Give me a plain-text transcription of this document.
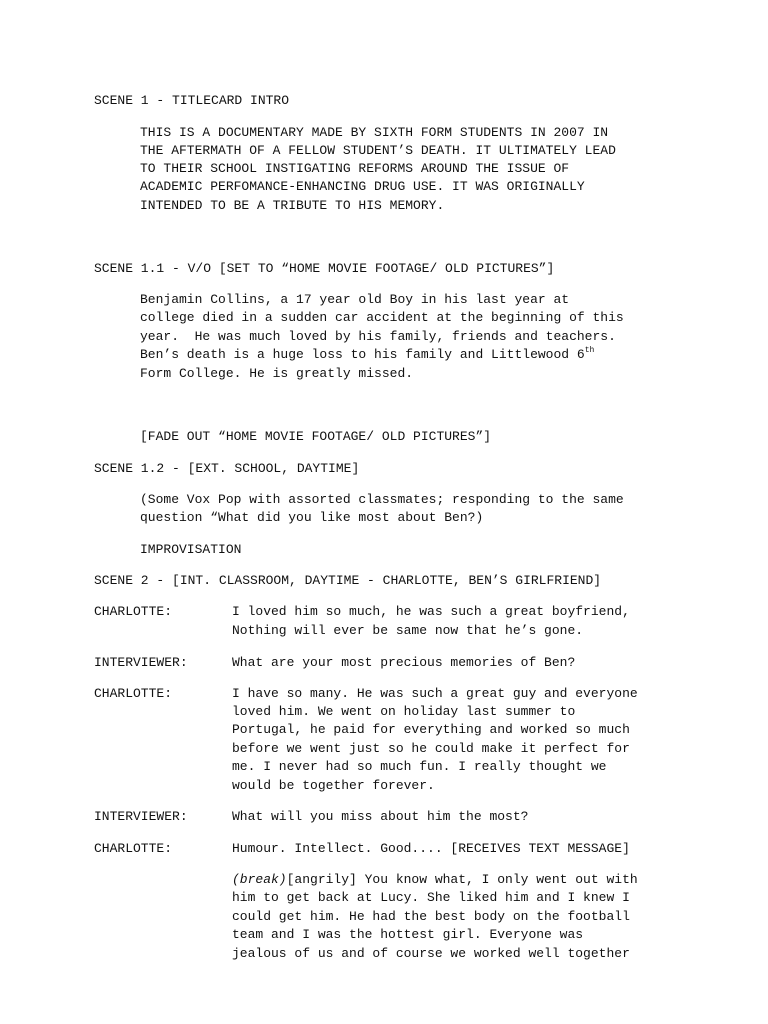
SCENE 1 - TITLECARD INTRO
THIS IS A DOCUMENTARY MADE BY SIXTH FORM STUDENTS IN 2007 IN
THE AFTERMATH OF A FELLOW STUDENT’S DEATH. IT ULTIMATELY LEAD
TO THEIR SCHOOL INSTIGATING REFORMS AROUND THE ISSUE OF
ACADEMIC PERFOMANCE-ENHANCING DRUG USE. IT WAS ORIGINALLY
INTENDED TO BE A TRIBUTE TO HIS MEMORY.
SCENE 1.1 - V/O [SET TO “HOME MOVIE FOOTAGE/ OLD PICTURES”]
Benjamin Collins, a 17 year old Boy in his last year at
college died in a sudden car accident at the beginning of this
year.  He was much loved by his family, friends and teachers.
Ben’s death is a huge loss to his family and Littlewood 6th
Form College. He is greatly missed.
[FADE OUT “HOME MOVIE FOOTAGE/ OLD PICTURES”]
SCENE 1.2 - [EXT. SCHOOL, DAYTIME]
(Some Vox Pop with assorted classmates; responding to the same
question “What did you like most about Ben?)
IMPROVISATION
SCENE 2 - [INT. CLASSROOM, DAYTIME - CHARLOTTE, BEN’S GIRLFRIEND]
CHARLOTTE:	I loved him so much, he was such a great boyfriend,
Nothing will ever be same now that he’s gone.
INTERVIEWER:	What are your most precious memories of Ben?
CHARLOTTE:	I have so many. He was such a great guy and everyone
loved him. We went on holiday last summer to
Portugal, he paid for everything and worked so much
before we went just so he could make it perfect for
me. I never had so much fun. I really thought we
would be together forever.
INTERVIEWER:	What will you miss about him the most?
CHARLOTTE:	Humour. Intellect. Good.... [RECEIVES TEXT MESSAGE]
(break)[angrily] You know what, I only went out with
him to get back at Lucy. She liked him and I knew I
could get him. He had the best body on the football
team and I was the hottest girl. Everyone was
jealous of us and of course we worked well together
